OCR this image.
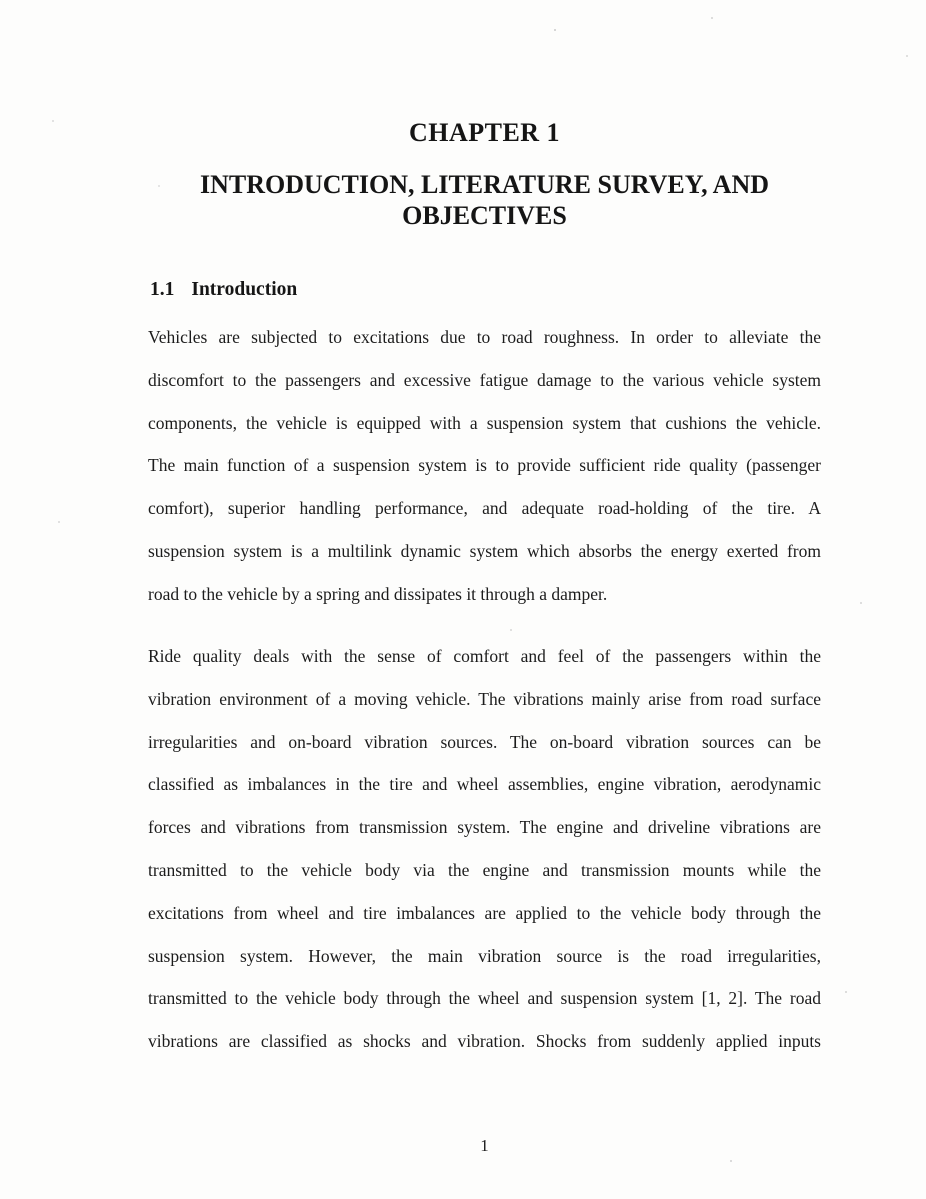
CHAPTER 1
INTRODUCTION, LITERATURE SURVEY, AND
OBJECTIVES
1.1 Introduction
Vehicles are subjected to excitations due to road roughness. In order to alleviate the
discomfort to the passengers and excessive fatigue damage to the various vehicle system
components, the vehicle is equipped with a suspension system that cushions the vehicle.
The main function of a suspension system is to provide sufficient ride quality (passenger
comfort), superior handling performance, and adequate road-holding of the tire. A
suspension system is a multilink dynamic system which absorbs the energy exerted from
road to the vehicle by a spring and dissipates it through a damper.
Ride quality deals with the sense of comfort and feel of the passengers within the
vibration environment of a moving vehicle. The vibrations mainly arise from road surface
irregularities and on-board vibration sources. The on-board vibration sources can be
classified as imbalances in the tire and wheel assemblies, engine vibration, aerodynamic
forces and vibrations from transmission system. The engine and driveline vibrations are
transmitted to the vehicle body via the engine and transmission mounts while the
excitations from wheel and tire imbalances are applied to the vehicle body through the
suspension system. However, the main vibration source is the road irregularities,
transmitted to the vehicle body through the wheel and suspension system [1, 2]. The road
vibrations are classified as shocks and vibration. Shocks from suddenly applied inputs
1
